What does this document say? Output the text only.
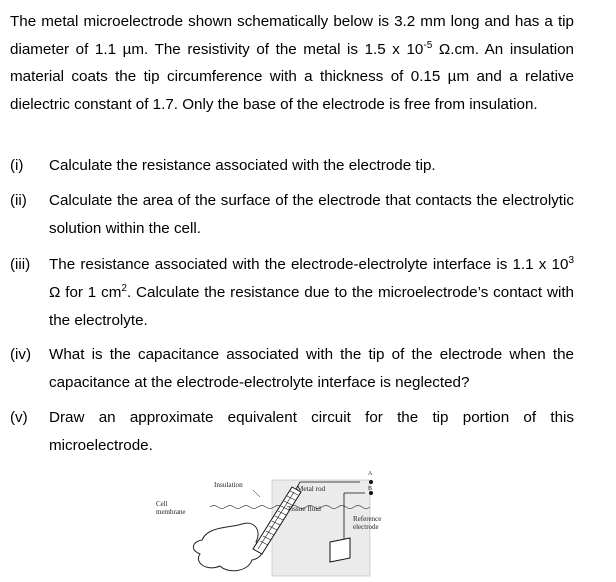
The metal microelectrode shown schematically below is 3.2 mm long and has a tip diameter of 1.1 µm. The resistivity of the metal is 1.5 x $10^{-5}$ Ω.cm. An insulation material coats the tip circumference with a thickness of 0.15 µm and a relative dielectric constant of 1.7. Only the base of the electrode is free from insulation.
(i)	Calculate the resistance associated with the electrode tip.
(ii)	Calculate the area of the surface of the electrode that contacts the electrolytic solution within the cell.
(iii)	The resistance associated with the electrode-electrolyte interface is 1.1 x $10^3$ Ω for 1 $cm^2$. Calculate the resistance due to the microelectrode’s contact with the electrolyte.
(iv)	What is the capacitance associated with the tip of the electrode when the capacitance at the electrode-electrolyte interface is neglected?
(v)	Draw an approximate equivalent circuit for the tip portion of this microelectrode.
A
B
Insulation	Metal rod
Tissue fluid
Cell
membrane
Reference
electrode
